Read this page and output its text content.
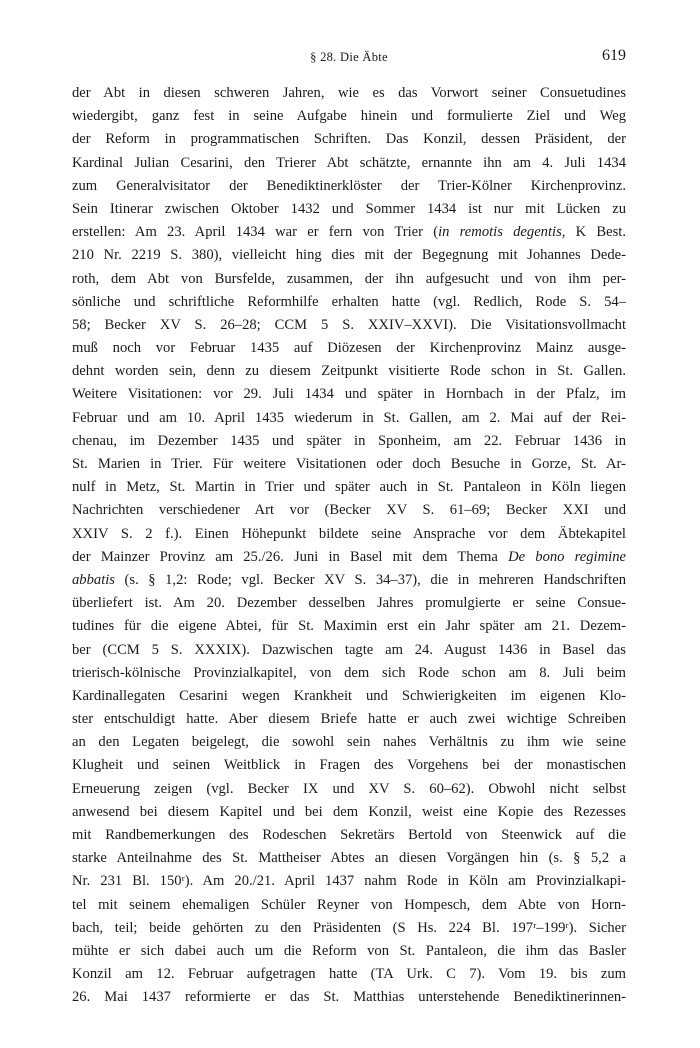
§ 28. Die Äbte	619
der Abt in diesen schweren Jahren, wie es das Vorwort seiner Consuetudines
wiedergibt, ganz fest in seine Aufgabe hinein und formulierte Ziel und Weg
der Reform in programmatischen Schriften. Das Konzil, dessen Präsident, der
Kardinal Julian Cesarini, den Trierer Abt schätzte, ernannte ihn am 4. Juli 1434
zum Generalvisitator der Benediktinerklöster der Trier-Kölner Kirchenprovinz.
Sein Itinerar zwischen Oktober 1432 und Sommer 1434 ist nur mit Lücken zu
erstellen: Am 23. April 1434 war er fern von Trier (in remotis degentis, K Best.
210 Nr. 2219 S. 380), vielleicht hing dies mit der Begegnung mit Johannes Dede-
roth, dem Abt von Bursfelde, zusammen, der ihn aufgesucht und von ihm per-
sönliche und schriftliche Reformhilfe erhalten hatte (vgl. Redlich, Rode S. 54–
58; Becker XV S. 26–28; CCM 5 S. XXIV–XXVI). Die Visitationsvollmacht
muß noch vor Februar 1435 auf Diözesen der Kirchenprovinz Mainz ausge-
dehnt worden sein, denn zu diesem Zeitpunkt visitierte Rode schon in St. Gallen.
Weitere Visitationen: vor 29. Juli 1434 und später in Hornbach in der Pfalz, im
Februar und am 10. April 1435 wiederum in St. Gallen, am 2. Mai auf der Rei-
chenau, im Dezember 1435 und später in Sponheim, am 22. Februar 1436 in
St. Marien in Trier. Für weitere Visitationen oder doch Besuche in Gorze, St. Ar-
nulf in Metz, St. Martin in Trier und später auch in St. Pantaleon in Köln liegen
Nachrichten verschiedener Art vor (Becker XV S. 61–69; Becker XXI und
XXIV S. 2 f.). Einen Höhepunkt bildete seine Ansprache vor dem Äbtekapitel
der Mainzer Provinz am 25./26. Juni in Basel mit dem Thema De bono regimine
abbatis (s. § 1,2: Rode; vgl. Becker XV S. 34–37), die in mehreren Handschriften
überliefert ist. Am 20. Dezember desselben Jahres promulgierte er seine Consue-
tudines für die eigene Abtei, für St. Maximin erst ein Jahr später am 21. Dezem-
ber (CCM 5 S. XXXIX). Dazwischen tagte am 24. August 1436 in Basel das
trierisch-kölnische Provinzialkapitel, von dem sich Rode schon am 8. Juli beim
Kardinallegaten Cesarini wegen Krankheit und Schwierigkeiten im eigenen Klo-
ster entschuldigt hatte. Aber diesem Briefe hatte er auch zwei wichtige Schreiben
an den Legaten beigelegt, die sowohl sein nahes Verhältnis zu ihm wie seine
Klugheit und seinen Weitblick in Fragen des Vorgehens bei der monastischen
Erneuerung zeigen (vgl. Becker IX und XV S. 60–62). Obwohl nicht selbst
anwesend bei diesem Kapitel und bei dem Konzil, weist eine Kopie des Rezesses
mit Randbemerkungen des Rodeschen Sekretärs Bertold von Steenwick auf die
starke Anteilnahme des St. Mattheiser Abtes an diesen Vorgängen hin (s. § 5,2 a
Nr. 231 Bl. 150ʳ). Am 20./21. April 1437 nahm Rode in Köln am Provinzialkapi-
tel mit seinem ehemaligen Schüler Reyner von Hompesch, dem Abte von Horn-
bach, teil; beide gehörten zu den Präsidenten (S Hs. 224 Bl. 197ʳ–199ʳ). Sicher
mühte er sich dabei auch um die Reform von St. Pantaleon, die ihm das Basler
Konzil am 12. Februar aufgetragen hatte (TA Urk. C 7). Vom 19. bis zum
26. Mai 1437 reformierte er das St. Matthias unterstehende Benediktinerinnen-
